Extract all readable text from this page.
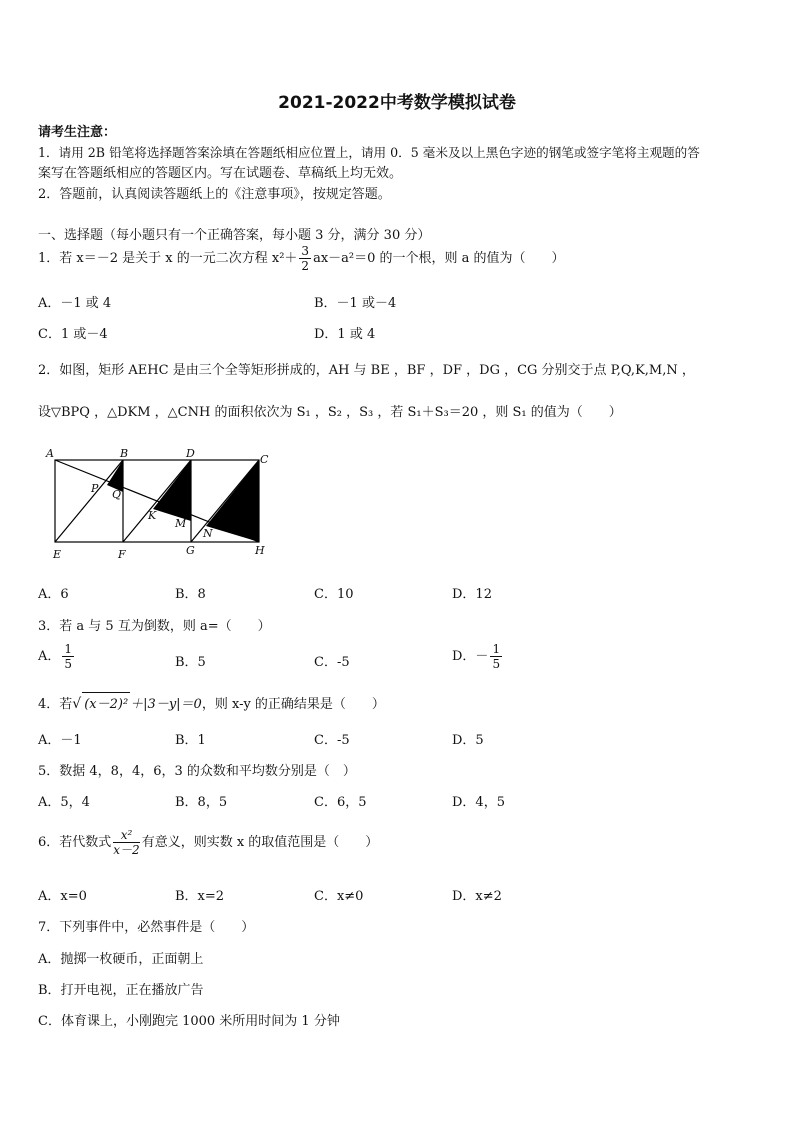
2021-2022中考数学模拟试卷
请考生注意：
1．请用 2B 铅笔将选择题答案涂填在答题纸相应位置上，请用 0．5 毫米及以上黑色字迹的钢笔或签字笔将主观题的答
案写在答题纸相应的答题区内。写在试题卷、草稿纸上均无效。
2．答题前，认真阅读答题纸上的《注意事项》，按规定答题。
一、选择题（每小题只有一个正确答案，每小题 3 分，满分 30 分）
1．若 x＝－2 是关于 x 的一元二次方程 $x^2+ \frac{3}{2} ax-a^2=0$ 的一个根，则 a 的值为（　　）
A．－1 或 4	B．－1 或－4
C．1 或－4	D．1 或 4
2．如图，矩形 AEHC 是由三个全等矩形拼成的，AH 与 BE ，BF ，DF ，DG ，CG 分别交于点 P,Q,K,M,N ，
设▽BPQ ，△DKM ，△CNH 的面积依次为 S₁ ，S₂ ，S₃ ，若 S₁＋S₃＝20 ，则 S₁ 的值为（　　）
A	B	D	C
P Q
K
M
N
E	F	G	H
A．6	B．8	C．10	D．12
3．若 a 与 5 互为倒数，则 a=（　　）
A． $\frac{1}{5}$	B．5	C．-5	D．－ $\frac{1}{5}$
4．若√ (x－2)² ＋|3－y|＝0，则 x-y 的正确结果是（　　）
A．－1	B．1	C．-5	D．5
5．数据 4，8，4，6，3 的众数和平均数分别是（　）
A．5，4	B．8，5	C．6，5	D．4，5
6．若代数式 $\frac{\text{x²}}{x-2}$ 有意义，则实数 x 的取值范围是（　　）
A．x=0	B．x=2	C．x≠0	D．x≠2
7．下列事件中，必然事件是（　　）
A．抛掷一枚硬币，正面朝上
B．打开电视，正在播放广告
C．体育课上，小刚跑完 1000 米所用时间为 1 分钟
